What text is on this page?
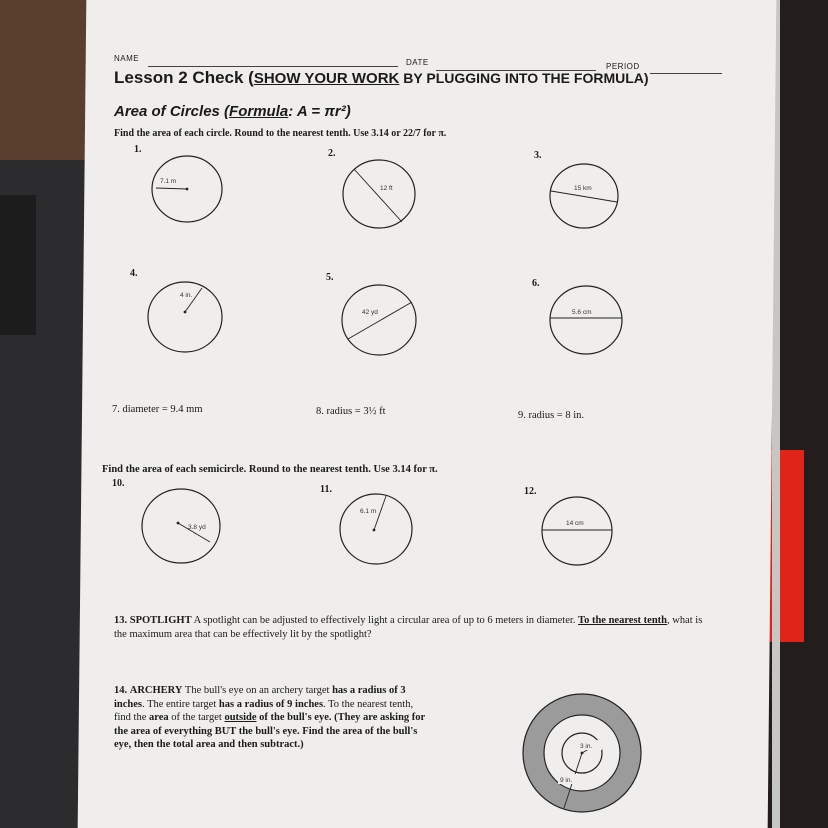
NAME	DATE	PERIOD
Lesson 2 Check (SHOW YOUR WORK BY PLUGGING INTO THE FORMULA)
Area of Circles (Formula: A = πr²)
Find the area of each circle. Round to the nearest tenth. Use 3.14 or 22/7 for π.
1.	2.	3.
4.	5.
6.
7.1 m
12 ft	15 km
4 in.
42 yd	5.6 cm
7. diameter = 9.4 mm	8. radius = 3½ ft	9. radius = 8 in.
Find the area of each semicircle. Round to the nearest tenth. Use 3.14 for π.
10.
11.	12.
3.8 yd
6.1 m
14 cm
13. SPOTLIGHT A spotlight can be adjusted to effectively light a circular area of up to 6 meters in diameter. To the nearest tenth, what is the maximum area that can be effectively lit by the spotlight?
14. ARCHERY The bull's eye on an archery target has a radius of 3 inches. The entire target has a radius of 9 inches. To the nearest tenth, find the area of the target outside of the bull's eye. (They are asking for the area of everything BUT the bull's eye. Find the area of the bull's eye, then the total area and then subtract.)	3 in.
9 in.
